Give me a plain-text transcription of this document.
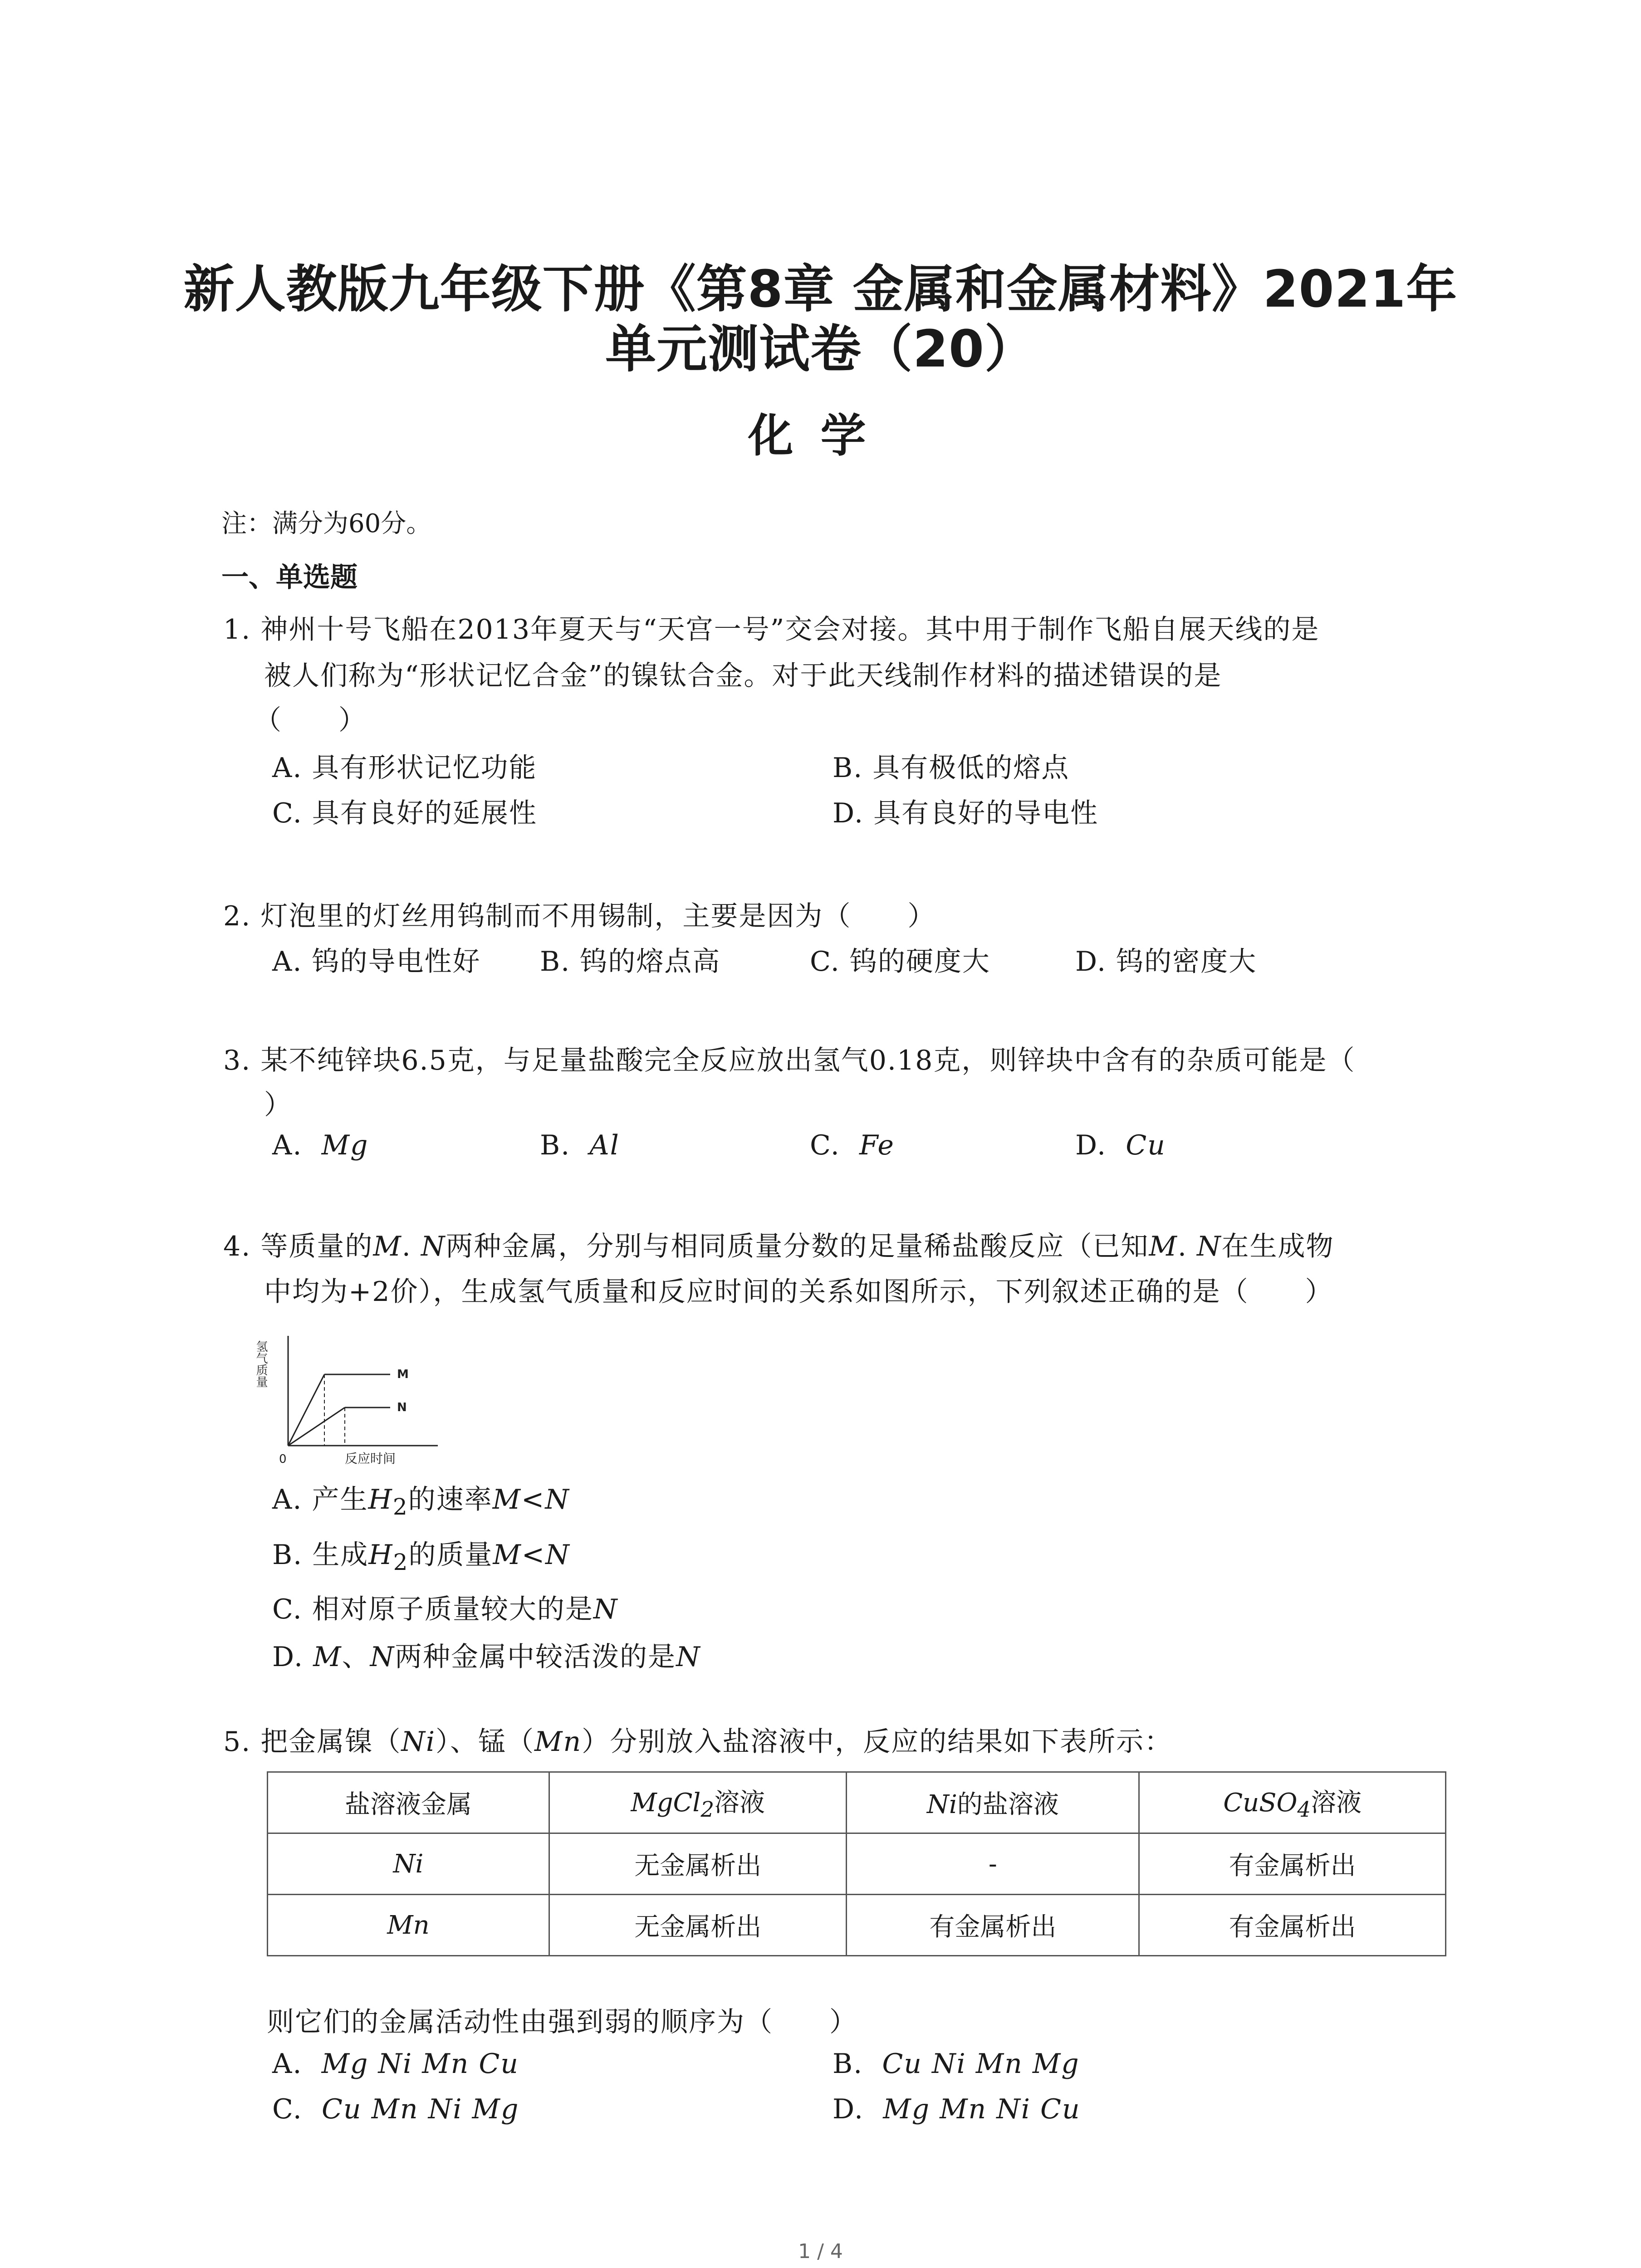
新人教版九年级下册《第8章 金属和金属材料》2021年
单元测试卷（20）
化学
注：满分为60分。
一、单选题
1. 神州十号飞船在2013年夏天与“天宫一号”交会对接。其中用于制作飞船自展天线的是
被人们称为“形状记忆合金”的镍钛合金。对于此天线制作材料的描述错误的是
（　　）
A. 具有形状记忆功能	B. 具有极低的熔点
C. 具有良好的延展性	D. 具有良好的导电性
2. 灯泡里的灯丝用钨制而不用锡制，主要是因为（　　）
A. 钨的导电性好 B. 钨的熔点高	C. 钨的硬度大	D. 钨的密度大
3. 某不纯锌块6.5克，与足量盐酸完全反应放出氢气0.18克，则锌块中含有的杂质可能是（
）
A. Mg	B. Al	C. Fe	D. Cu
4. 等质量的M. N两种金属，分别与相同质量分数的足量稀盐酸反应（已知M. N在生成物
中均为+2价），生成氢气质量和反应时间的关系如图所示，下列叙述正确的是（　　）
氢气质量	M
N
0	反应时间
A. 产生$H_2$的速率M<N
B. 生成$H_2$的质量M<N
C. 相对原子质量较大的是N
D. M、N两种金属中较活泼的是N
5. 把金属镍（Ni）、锰（Mn）分别放入盐溶液中，反应的结果如下表所示：
盐溶液金属	MgCl$_2$溶液	Ni的盐溶液	CuSO$_4$溶液
Ni	无金属析出	-	有金属析出
Mn	无金属析出	有金属析出	有金属析出
则它们的金属活动性由强到弱的顺序为（　　）
A. Mg Ni Mn Cu	B. Cu Ni Mn Mg
C. Cu Mn Ni Mg	D. Mg Mn Ni Cu
1 / 4
